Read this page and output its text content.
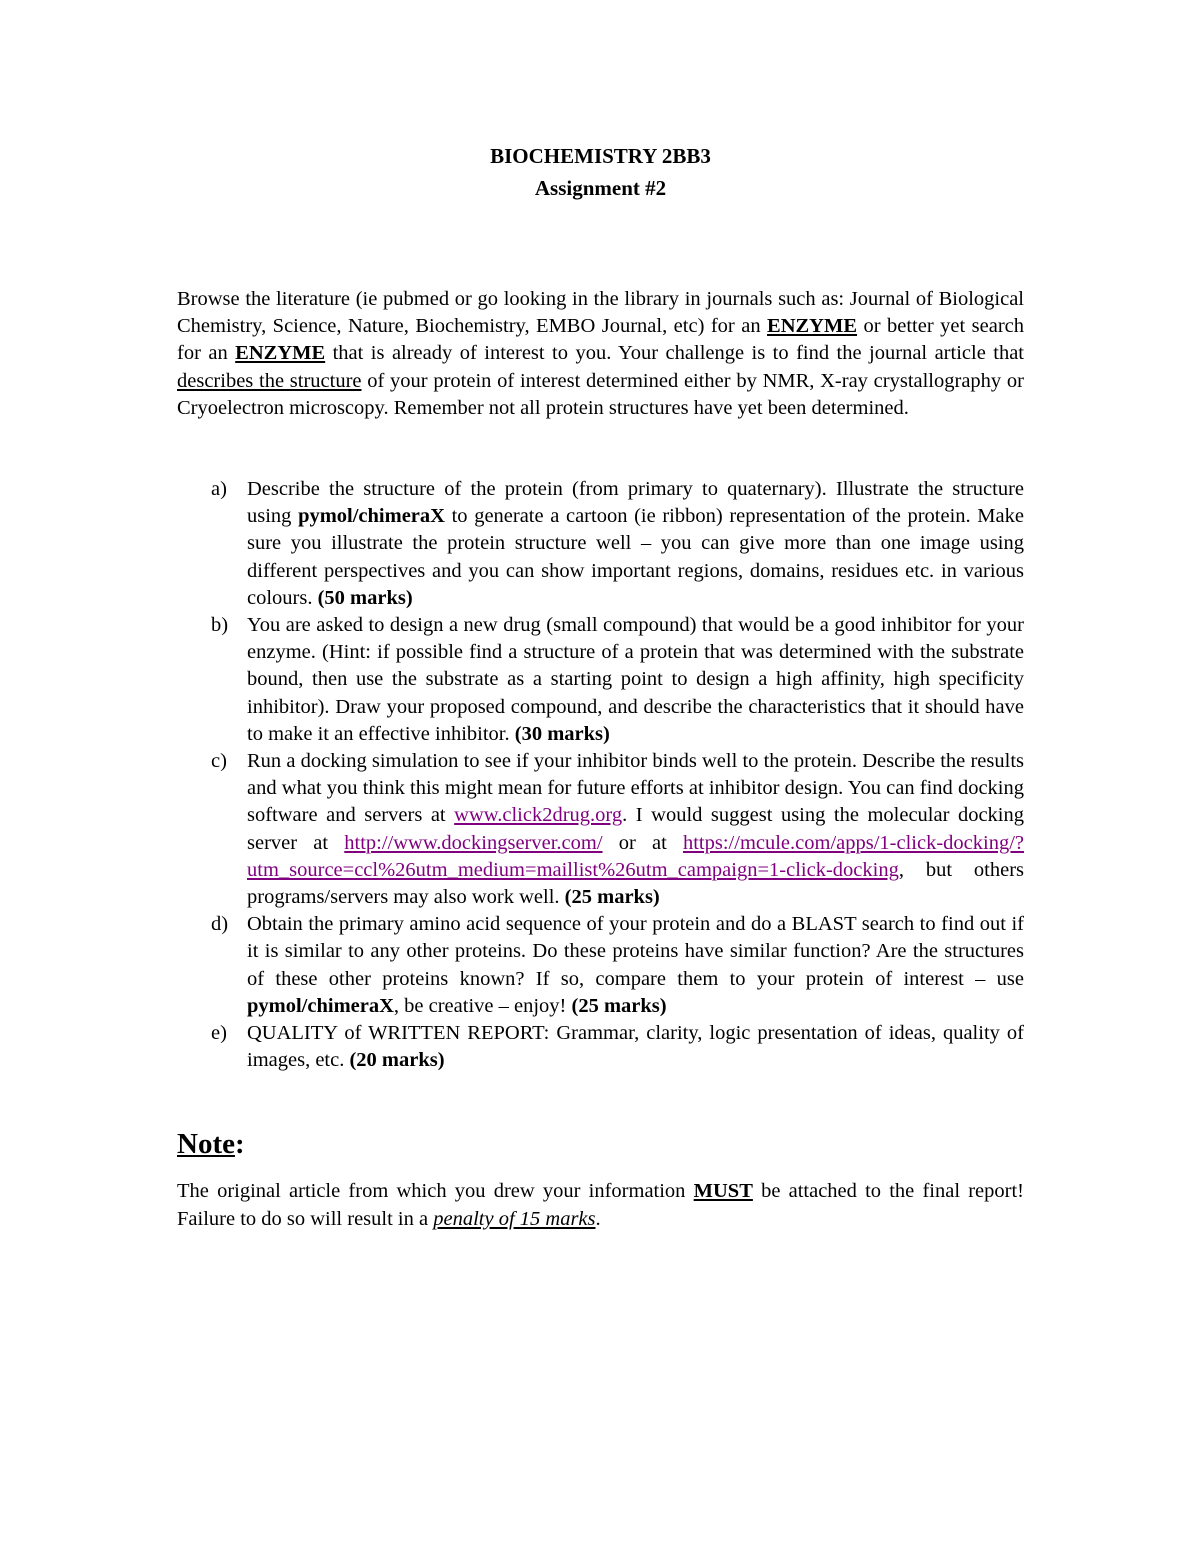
BIOCHEMISTRY 2BB3

Assignment #2

Browse the literature (ie pubmed or go looking in the library in journals such as: Journal of Biological Chemistry, Science, Nature, Biochemistry, EMBO Journal, etc) for an ENZYME or better yet search for an ENZYME that is already of interest to you. Your challenge is to find the journal article that describes the structure of your protein of interest determined either by NMR, X-ray crystallography or Cryoelectron microscopy. Remember not all protein structures have yet been determined.

a) Describe the structure of the protein (from primary to quaternary). Illustrate the structure using pymol/chimeraX to generate a cartoon (ie ribbon) representation of the protein. Make sure you illustrate the protein structure well – you can give more than one image using different perspectives and you can show important regions, domains, residues etc. in various colours. (50 marks)
b) You are asked to design a new drug (small compound) that would be a good inhibitor for your enzyme. (Hint: if possible find a structure of a protein that was determined with the substrate bound, then use the substrate as a starting point to design a high affinity, high specificity inhibitor). Draw your proposed compound, and describe the characteristics that it should have to make it an effective inhibitor. (30 marks)
c) Run a docking simulation to see if your inhibitor binds well to the protein. Describe the results and what you think this might mean for future efforts at inhibitor design. You can find docking software and servers at www.click2drug.org. I would suggest using the molecular docking server at http://www.dockingserver.com/ or at https://mcule.com/apps/1-click-docking/?utm_source=ccl%26utm_medium=maillist%26utm_campaign=1-click-docking, but others programs/servers may also work well. (25 marks)
d) Obtain the primary amino acid sequence of your protein and do a BLAST search to find out if it is similar to any other proteins. Do these proteins have similar function? Are the structures of these other proteins known? If so, compare them to your protein of interest – use pymol/chimeraX, be creative – enjoy! (25 marks)
e) QUALITY of WRITTEN REPORT: Grammar, clarity, logic presentation of ideas, quality of images, etc. (20 marks)
Note:

The original article from which you drew your information MUST be attached to the final report! Failure to do so will result in a penalty of 15 marks.
